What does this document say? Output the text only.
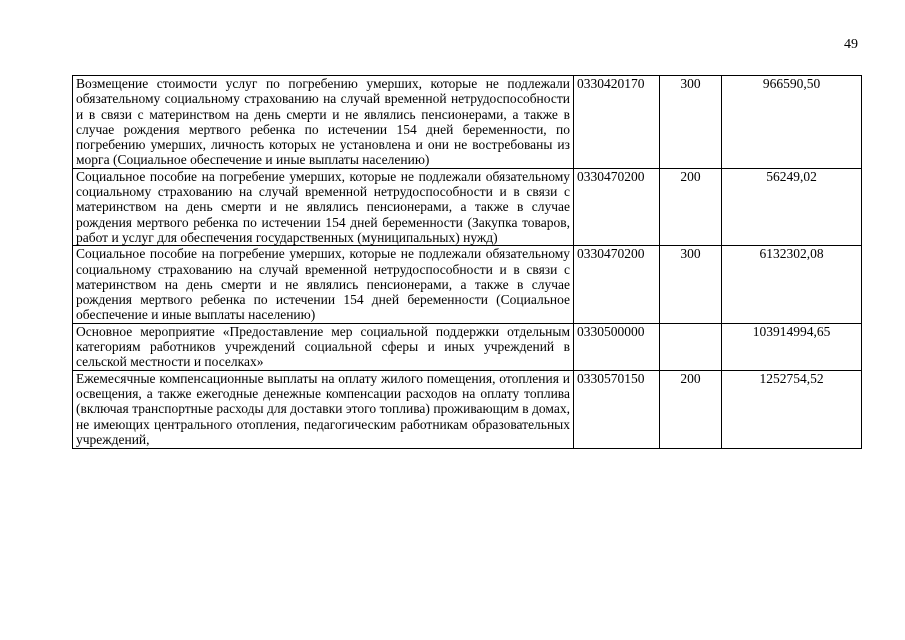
49
Возмещение стоимости услуг по погребению умерших, которые не подлежали обязательному социальному страхованию на случай временной нетрудоспособности и в связи с материнством на день смерти и не являлись пенсионерами, а также в случае рождения мертвого ребенка по истечении 154 дней беременности, по погребению умерших, личность которых не установлена и они не востребованы из морга (Социальное обеспечение и иные выплаты населению)	0330420170	300	966590,50
Социальное пособие на погребение умерших, которые не подлежали обязательному социальному страхованию на случай временной нетрудоспособности и в связи с материнством на день смерти и не являлись пенсионерами, а также в случае рождения мертвого ребенка по истечении 154 дней беременности (Закупка товаров, работ и услуг для обеспечения государственных (муниципальных) нужд)	0330470200	200	56249,02
Социальное пособие на погребение умерших, которые не подлежали обязательному социальному страхованию на случай временной нетрудоспособности и в связи с материнством на день смерти и не являлись пенсионерами, а также в случае рождения мертвого ребенка по истечении 154 дней беременности (Социальное обеспечение и иные выплаты населению)	0330470200	300	6132302,08
Основное мероприятие «Предоставление мер социальной поддержки отдельным категориям работников учреждений социальной сферы и иных учреждений в сельской местности и поселках»	0330500000		103914994,65
Ежемесячные компенсационные выплаты на оплату жилого помещения, отопления и освещения, а также ежегодные денежные компенсации расходов на оплату топлива (включая транспортные расходы для доставки этого топлива) проживающим в домах, не имеющих центрального отопления, педагогическим работникам образовательных учреждений,	0330570150	200	1252754,52
